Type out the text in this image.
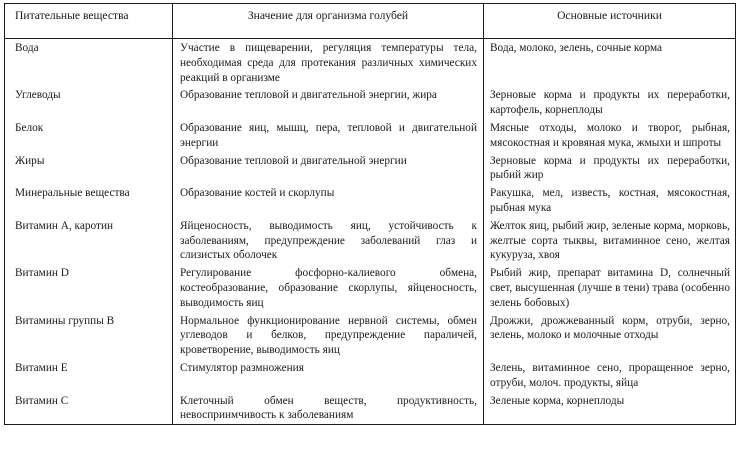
Питательные вещества	Значение для организма голубей	Основные источники

Вода	Участие в пищеварении, регуляция температуры тела, необходимая среда для протекания различных химических реакций в организме	Вода, молоко, зелень, сочные корма

Углеводы	Образование тепловой и двигательной энергии, жира	Зерновые корма и продукты их переработки, картофель, корнеплоды

Белок	Образование яиц, мышц, пера, тепловой и двигательной энергии	Мясные отходы, молоко и творог, рыбная, мясокостная и кровяная мука, жмыхи и шпроты

Жиры	Образование тепловой и двигательной энергии	Зерновые корма и продукты их переработки, рыбий жир

Минеральные вещества	Образование костей и скорлупы	Ракушка, мел, известь, костная, мясокостная, рыбная мука

Витамин А, каротин	Яйценосность, выводимость яиц, устойчивость к заболеваниям, предупреждение заболеваний глаз и слизистых оболочек	Желток яиц, рыбий жир, зеленые корма, морковь, желтые сорта тыквы, витаминное сено, желтая кукуруза, хвоя

Витамин D	Регулирование фосфорно-калиевого обмена, костеобразование, образование скорлупы, яйценосность, выводимость яиц	Рыбий жир, препарат витамина D, солнечный свет, высушенная (лучше в тени) трава (особенно зелень бобовых)

Витамины группы В	Нормальное функционирование нервной системы, обмен углеводов и белков, предупреждение параличей, кроветворение, выводимость яиц	Дрожжи, дрожжеванный корм, отруби, зерно, зелень, молоко и молочные отходы

Витамин Е	Стимулятор размножения	Зелень, витаминное сено, проращенное зерно, отруби, молоч. продукты, яйца

Витамин С	Клеточный обмен веществ, продуктивность, невосприимчивость к заболеваниям	Зеленые корма, корнеплоды
